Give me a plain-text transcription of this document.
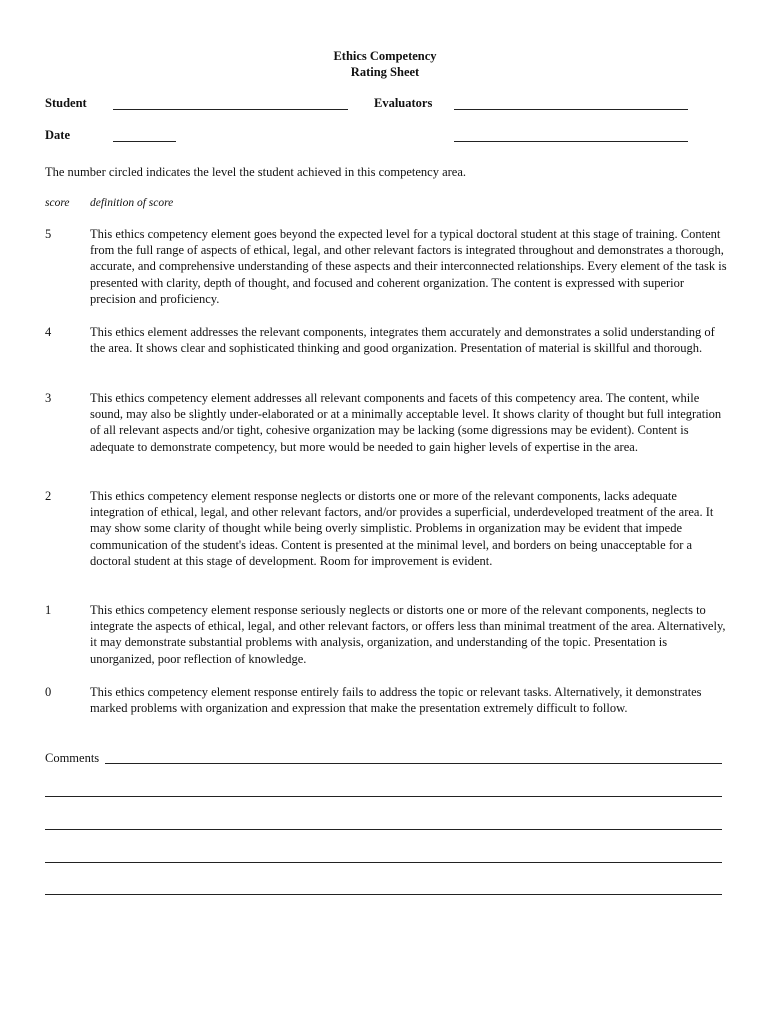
Ethics Competency
Rating Sheet
Student	Evaluators
Date
The number circled indicates the level the student achieved in this competency area.
score definition of score
5	This ethics competency element goes beyond the expected level for a typical doctoral student at this stage of training. Content from the full range of aspects of ethical, legal, and other relevant factors is integrated throughout and demonstrates a thorough, accurate, and comprehensive understanding of these aspects and their interconnected relationships. Every element of the task is presented with clarity, depth of thought, and focused and coherent organization. The content is expressed with superior precision and proficiency.
4	This ethics element addresses the relevant components, integrates them accurately and demonstrates a solid understanding of the area. It shows clear and sophisticated thinking and good organization. Presentation of material is skillful and thorough.
3	This ethics competency element addresses all relevant components and facets of this competency area. The content, while sound, may also be slightly under-elaborated or at a minimally acceptable level. It shows clarity of thought but full integration of all relevant aspects and/or tight, cohesive organization may be lacking (some digressions may be evident). Content is adequate to demonstrate competency, but more would be needed to gain higher levels of expertise in the area.
2	This ethics competency element response neglects or distorts one or more of the relevant components, lacks adequate integration of ethical, legal, and other relevant factors, and/or provides a superficial, underdeveloped treatment of the area. It may show some clarity of thought while being overly simplistic. Problems in organization may be evident that impede communication of the student's ideas. Content is presented at the minimal level, and borders on being unacceptable for a doctoral student at this stage of development. Room for improvement is evident.
1	This ethics competency element response seriously neglects or distorts one or more of the relevant components, neglects to integrate the aspects of ethical, legal, and other relevant factors, or offers less than minimal treatment of the area. Alternatively, it may demonstrate substantial problems with analysis, organization, and understanding of the topic. Presentation is unorganized, poor reflection of knowledge.
0	This ethics competency element response entirely fails to address the topic or relevant tasks. Alternatively, it demonstrates marked problems with organization and expression that make the presentation extremely difficult to follow.
Comments
